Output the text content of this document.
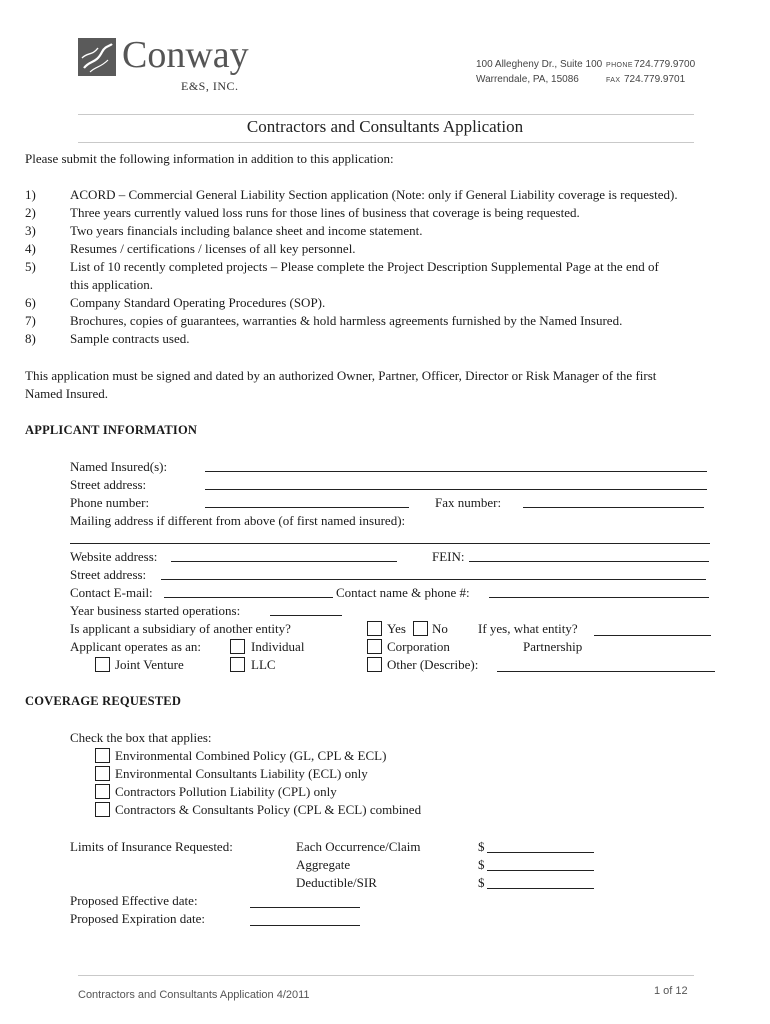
Conway
E&S, INC.
100 Allegheny Dr., Suite 100
Warrendale, PA, 15086
PHONE 724.779.9700
FAX 724.779.9701
Contractors and Consultants Application
Please submit the following information in addition to this application:
1)	ACORD – Commercial General Liability Section application (Note: only if General Liability coverage is requested).
2)	Three years currently valued loss runs for those lines of business that coverage is being requested.
3)	Two years financials including balance sheet and income statement.
4)	Resumes / certifications / licenses of all key personnel.
5)	List of 10 recently completed projects – Please complete the Project Description Supplemental Page at the end of
this application.
6)	Company Standard Operating Procedures (SOP).
7)	Brochures, copies of guarantees, warranties & hold harmless agreements furnished by the Named Insured.
8)	Sample contracts used.
This application must be signed and dated by an authorized Owner, Partner, Officer, Director or Risk Manager of the first
Named Insured.
APPLICANT INFORMATION
Named Insured(s):
Street address:
Phone number:	Fax number:
Mailing address if different from above (of first named insured):
Website address:	FEIN:
Street address:
Contact E-mail:	Contact name & phone #:
Year business started operations:
Is applicant a subsidiary of another entity?	Yes No If yes, what entity?
Applicant operates as an:	Individual	Corporation	Partnership
Joint Venture	LLC	Other (Describe):
COVERAGE REQUESTED
Check the box that applies:
Environmental Combined Policy (GL, CPL & ECL)
Environmental Consultants Liability (ECL) only
Contractors Pollution Liability (CPL) only
Contractors & Consultants Policy (CPL & ECL) combined
Limits of Insurance Requested:	Each Occurrence/Claim	$
Aggregate	$
Deductible/SIR	$
Proposed Effective date:
Proposed Expiration date:
Contractors and Consultants Application 4/2011	1 of 12
